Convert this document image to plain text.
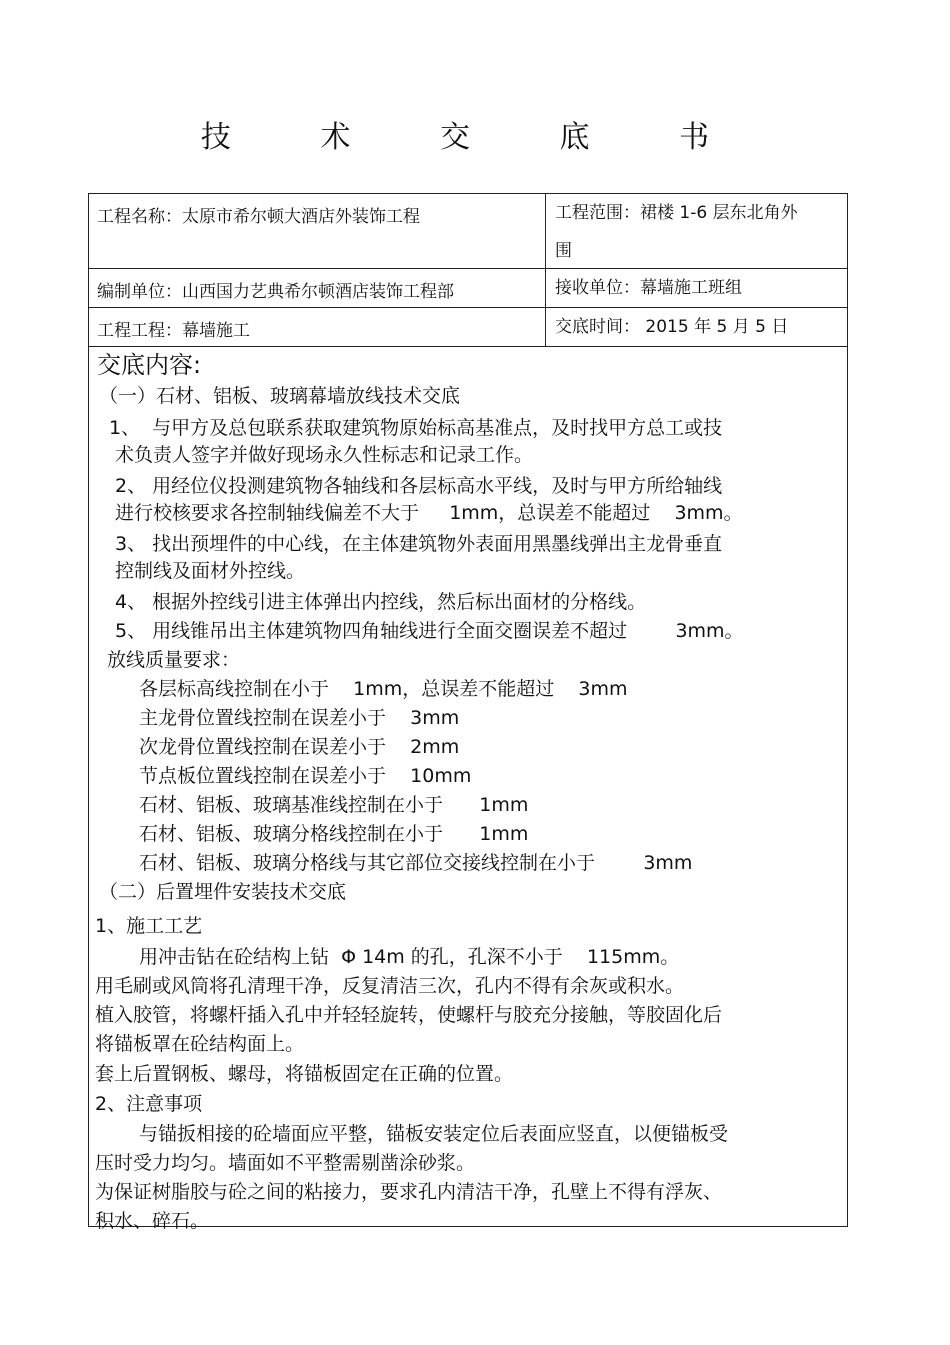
技 术 交 底 书
工程名称：太原市希尔顿大酒店外装饰工程	工程范围：裙楼 1-6 层东北角外
围
编制单位：山西国力艺典希尔顿酒店装饰工程部	接收单位：幕墙施工班组
工程工程：幕墙施工	交底时间： 2015 年 5 月 5 日
交底内容:
（一）石材、铝板、玻璃幕墙放线技术交底
1、  与甲方及总包联系获取建筑物原始标高基准点，及时找甲方总工或技
术负责人签字并做好现场永久性标志和记录工作。
2、 用经位仪投测建筑物各轴线和各层标高水平线，及时与甲方所给轴线
进行校核要求各控制轴线偏差不大于     1mm，总误差不能超过    3mm。
3、 找出预埋件的中心线，在主体建筑物外表面用黑墨线弹出主龙骨垂直
控制线及面材外控线。
4、 根据外控线引进主体弹出内控线，然后标出面材的分格线。
5、 用线锥吊出主体建筑物四角轴线进行全面交圈误差不超过        3mm。
放线质量要求：
各层标高线控制在小于    1mm，总误差不能超过    3mm
主龙骨位置线控制在误差小于    3mm
次龙骨位置线控制在误差小于    2mm
节点板位置线控制在误差小于    10mm
石材、铝板、玻璃基准线控制在小于      1mm
石材、铝板、玻璃分格线控制在小于      1mm
石材、铝板、玻璃分格线与其它部位交接线控制在小于        3mm
（二）后置埋件安装技术交底
1、施工工艺
用冲击钻在砼结构上钻  Φ 14m 的孔，孔深不小于    115mm。
用毛刷或风筒将孔清理干净，反复清洁三次，孔内不得有余灰或积水。
植入胶管，将螺杆插入孔中并轻轻旋转，使螺杆与胶充分接触，等胶固化后
将锚板罩在砼结构面上。
套上后置钢板、螺母，将锚板固定在正确的位置。
2、注意事项
与锚扳相接的砼墙面应平整，锚板安装定位后表面应竖直，以便锚板受
压时受力均匀。墙面如不平整需剔凿涂砂浆。
为保证树脂胶与砼之间的粘接力，要求孔内清洁干净，孔壁上不得有浮灰、
积水、碎石。
